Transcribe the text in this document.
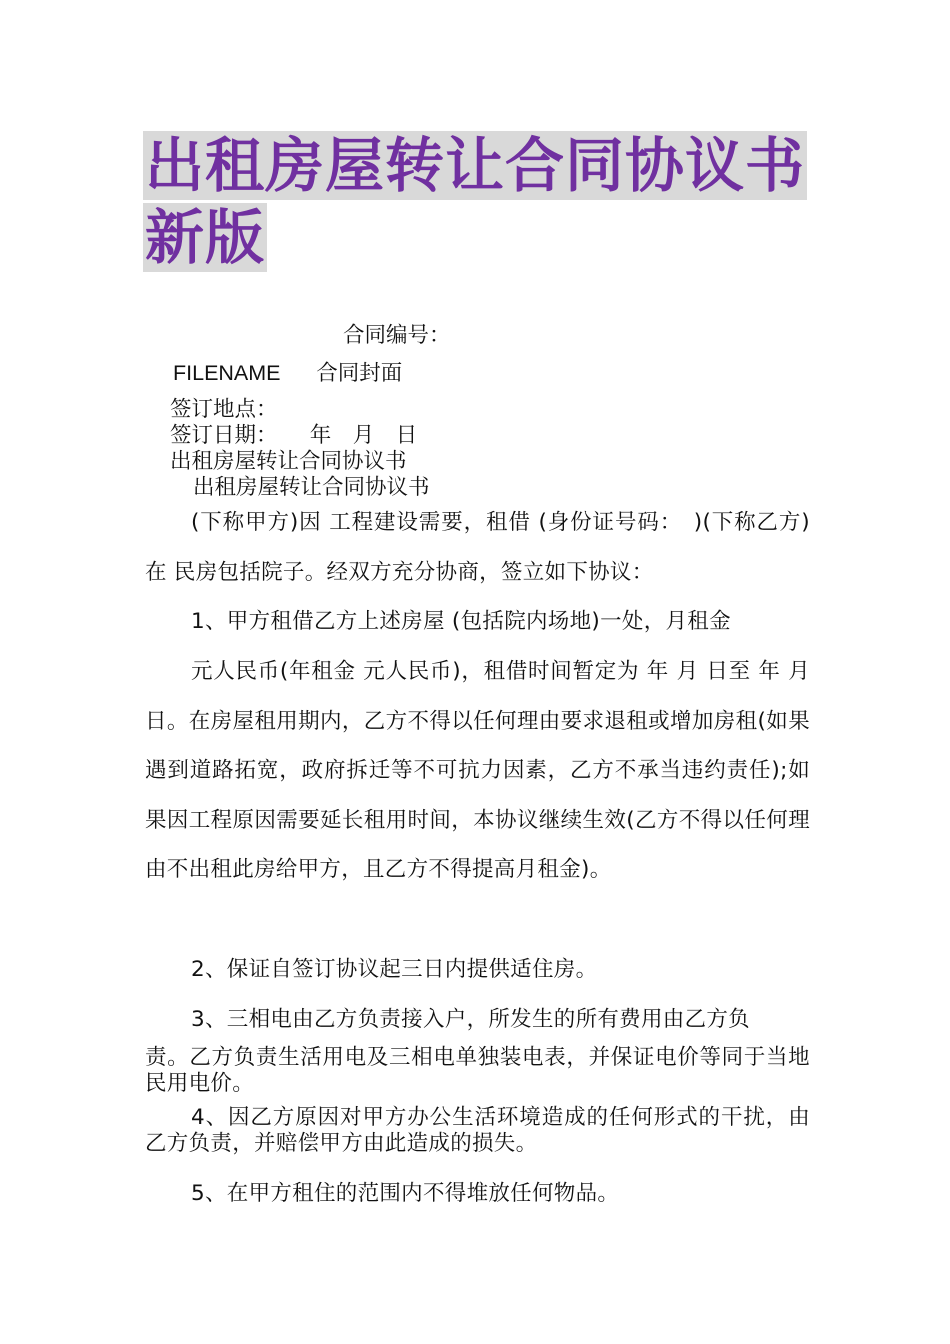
出租房屋转让合同协议书
新版

合同编号：

FILENAME 合同封面

签订地点：

签订日期：　　年　月　日

出租房屋转让合同协议书

出租房屋转让合同协议书

(下称甲方)因 工程建设需要，租借 (身份证号码：　)(下称乙方)在 民房包括院子。经双方充分协商，签立如下协议：

1、甲方租借乙方上述房屋 (包括院内场地)一处，月租金

元人民币(年租金 元人民币)，租借时间暂定为 年 月 日至 年 月 日。在房屋租用期内，乙方不得以任何理由要求退租或增加房租(如果遇到道路拓宽，政府拆迁等不可抗力因素，乙方不承当违约责任);如果因工程原因需要延长租用时间，本协议继续生效(乙方不得以任何理由不出租此房给甲方，且乙方不得提高月租金)。

2、保证自签订协议起三日内提供适住房。

3、三相电由乙方负责接入户，所发生的所有费用由乙方负

责。乙方负责生活用电及三相电单独装电表，并保证电价等同于当地民用电价。

4、因乙方原因对甲方办公生活环境造成的任何形式的干扰，由乙方负责，并赔偿甲方由此造成的损失。

5、在甲方租住的范围内不得堆放任何物品。
